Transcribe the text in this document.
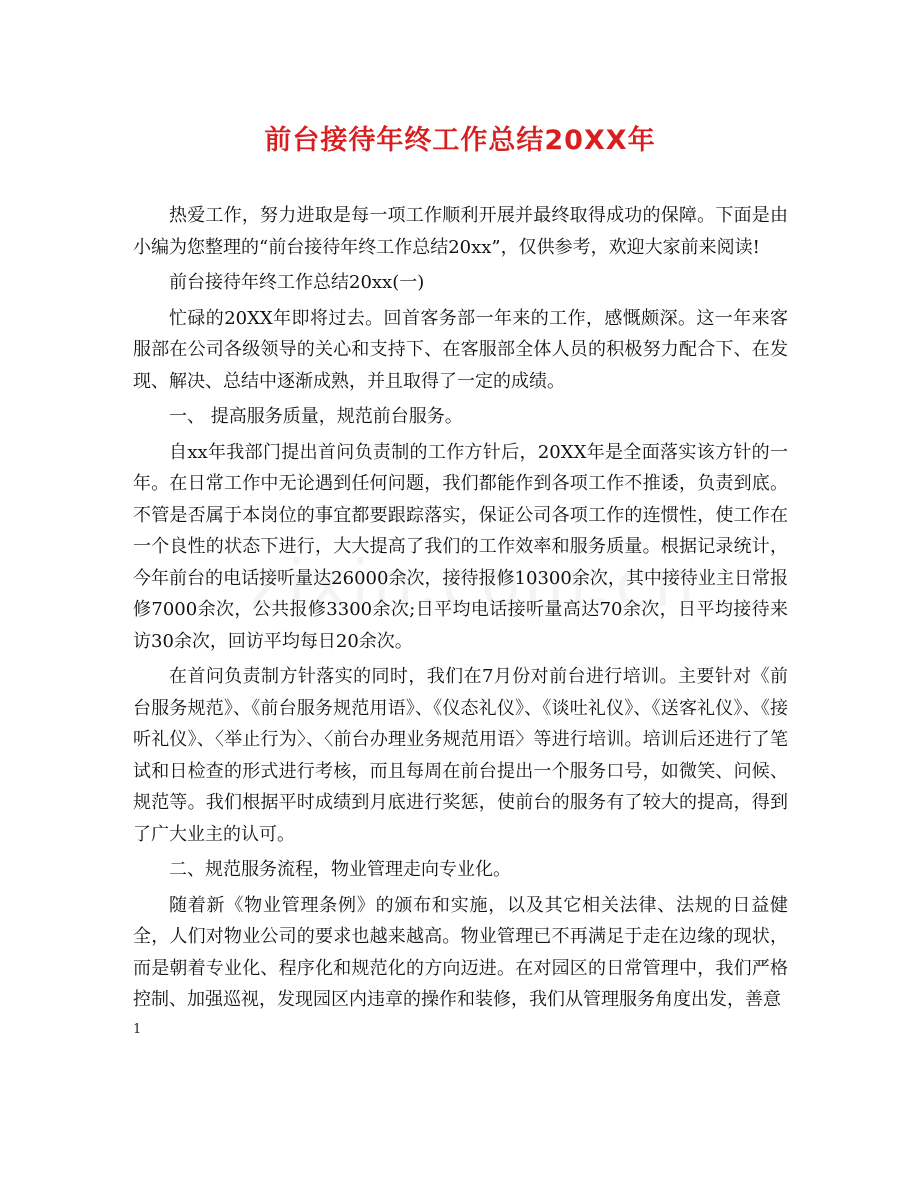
前台接待年终工作总结20XX年

热爱工作，努力进取是每一项工作顺利开展并最终取得成功的保障。下面是由小编为您整理的“前台接待年终工作总结20xx”，仅供参考，欢迎大家前来阅读!

前台接待年终工作总结20xx(一)

忙碌的20XX年即将过去。回首客务部一年来的工作，感慨颇深。这一年来客服部在公司各级领导的关心和支持下、在客服部全体人员的积极努力配合下、在发现、解决、总结中逐渐成熟，并且取得了一定的成绩。

一、 提高服务质量，规范前台服务。

自xx年我部门提出首问负责制的工作方针后，20XX年是全面落实该方针的一年。在日常工作中无论遇到任何问题，我们都能作到各项工作不推诿，负责到底。不管是否属于本岗位的事宜都要跟踪落实，保证公司各项工作的连惯性，使工作在一个良性的状态下进行，大大提高了我们的工作效率和服务质量。根据记录统计，今年前台的电话接听量达26000余次，接待报修10300余次，其中接待业主日常报修7000余次，公共报修3300余次;日平均电话接听量高达70余次，日平均接待来访30余次，回访平均每日20余次。

在首问负责制方针落实的同时，我们在7月份对前台进行培训。主要针对《前台服务规范》、《前台服务规范用语》、《仪态礼仪》、《谈吐礼仪》、《送客礼仪》、《接听礼仪》、〈举止行为〉、〈前台办理业务规范用语〉等进行培训。培训后还进行了笔试和日检查的形式进行考核，而且每周在前台提出一个服务口号，如微笑、问候、规范等。我们根据平时成绩到月底进行奖惩，使前台的服务有了较大的提高，得到了广大业主的认可。

二、规范服务流程，物业管理走向专业化。

随着新《物业管理条例》的颁布和实施，以及其它相关法律、法规的日益健全，人们对物业公司的要求也越来越高。物业管理已不再满足于走在边缘的现状，而是朝着专业化、程序化和规范化的方向迈进。在对园区的日常管理中，我们严格控制、加强巡视，发现园区内违章的操作和装修，我们从管理服务角度出发，善意

1
